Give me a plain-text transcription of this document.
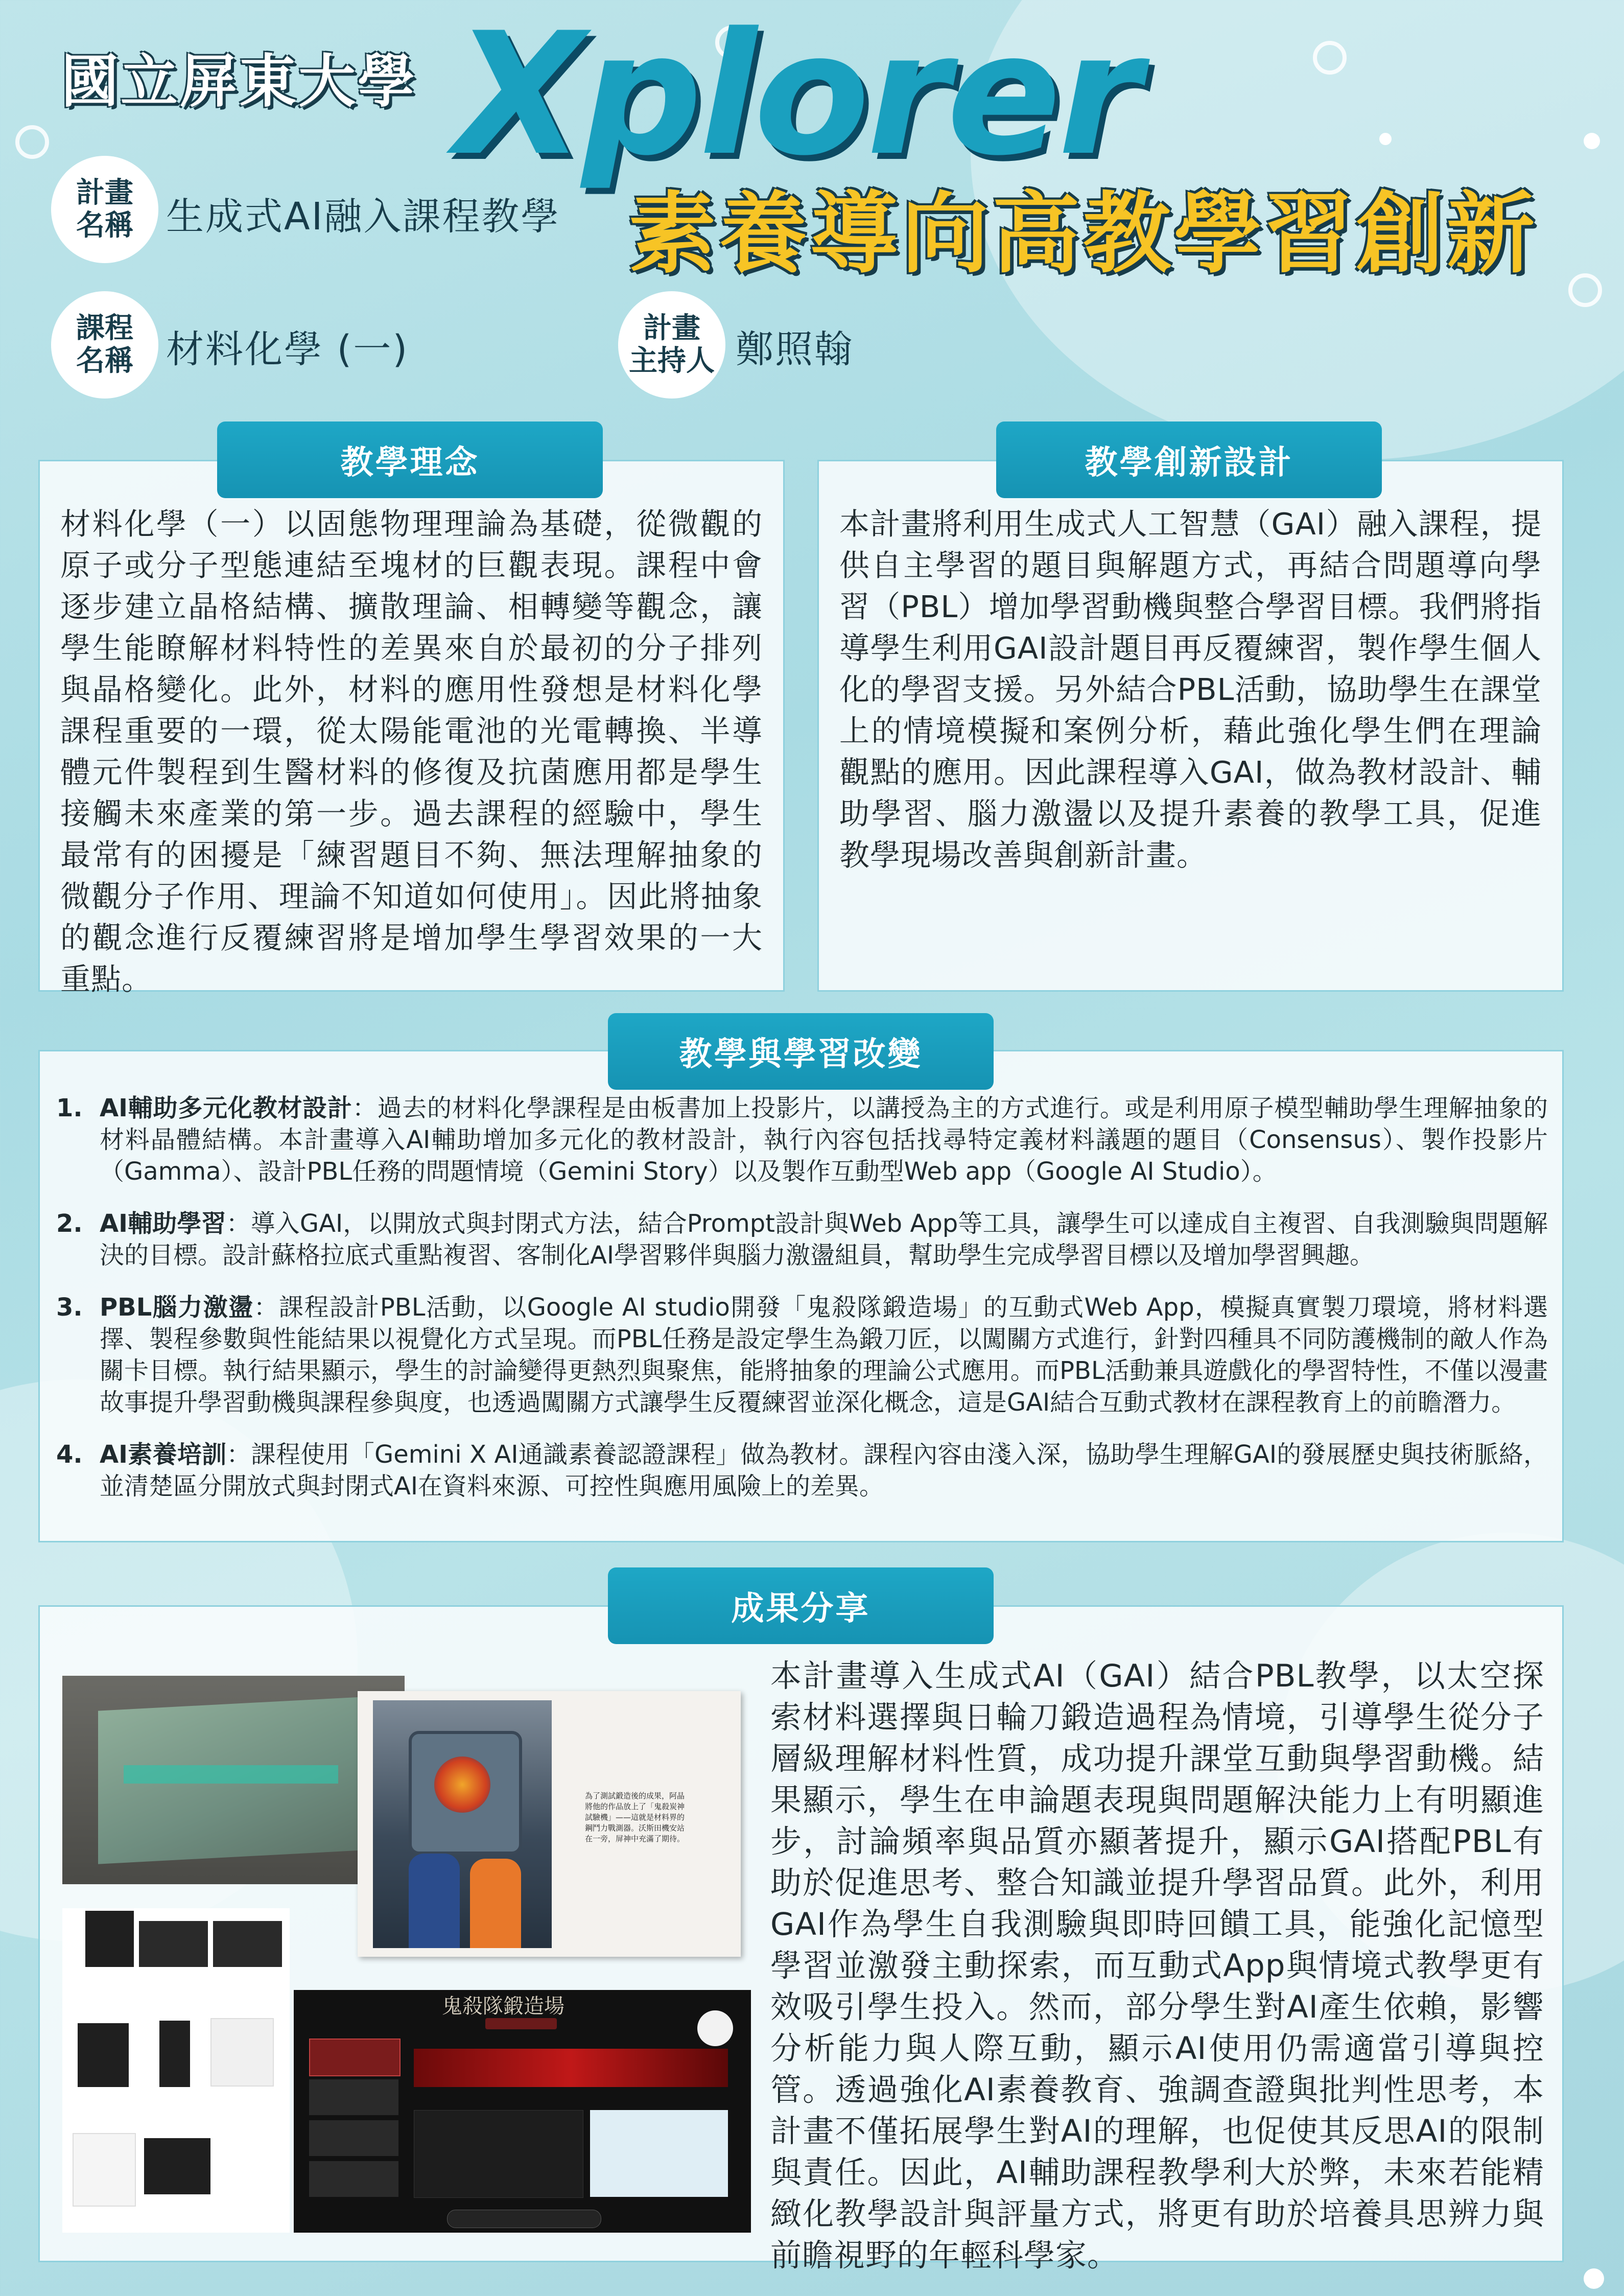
國立屏東大學 Xplorer
素養導向高教學習創新
計畫
名稱 生成式AI融入課程教學
課程
名稱 材料化學 (一)	計畫
主持人 鄭照翰
教學理念
材料化學（一）以固態物理理論為基礎，從微觀的原子或分子型態連結至塊材的巨觀表現。課程中會逐步建立晶格結構、擴散理論、相轉變等觀念，讓學生能瞭解材料特性的差異來自於最初的分子排列與晶格變化。此外，材料的應用性發想是材料化學課程重要的一環，從太陽能電池的光電轉換、半導體元件製程到生醫材料的修復及抗菌應用都是學生接觸未來產業的第一步。過去課程的經驗中，學生最常有的困擾是「練習題目不夠、無法理解抽象的微觀分子作用、理論不知道如何使用」。因此將抽象的觀念進行反覆練習將是增加學生學習效果的一大重點。
教學創新設計
本計畫將利用生成式人工智慧（GAI）融入課程，提供自主學習的題目與解題方式，再結合問題導向學習（PBL）增加學習動機與整合學習目標。我們將指導學生利用GAI設計題目再反覆練習，製作學生個人化的學習支援。另外結合PBL活動，協助學生在課堂上的情境模擬和案例分析，藉此強化學生們在理論觀點的應用。因此課程導入GAI，做為教材設計、輔助學習、腦力激盪以及提升素養的教學工具，促進教學現場改善與創新計畫。
教學與學習改變
1. AI輔助多元化教材設計：過去的材料化學課程是由板書加上投影片，以講授為主的方式進行。或是利用原子模型輔助學生理解抽象的材料晶體結構。本計畫導入AI輔助增加多元化的教材設計，執行內容包括找尋特定義材料議題的題目（Consensus）、製作投影片（Gamma）、設計PBL任務的問題情境（Gemini Story）以及製作互動型Web app（Google AI Studio）。
2. AI輔助學習：導入GAI，以開放式與封閉式方法，結合Prompt設計與Web App等工具，讓學生可以達成自主複習、自我測驗與問題解決的目標。設計蘇格拉底式重點複習、客制化AI學習夥伴與腦力激盪組員，幫助學生完成學習目標以及增加學習興趣。
3. PBL腦力激盪：課程設計PBL活動，以Google AI studio開發「鬼殺隊鍛造場」的互動式Web App，模擬真實製刀環境，將材料選擇、製程參數與性能結果以視覺化方式呈現。而PBL任務是設定學生為鍛刀匠，以闖關方式進行，針對四種具不同防護機制的敵人作為關卡目標。執行結果顯示，學生的討論變得更熱烈與聚焦，能將抽象的理論公式應用。而PBL活動兼具遊戲化的學習特性，不僅以漫畫故事提升學習動機與課程參與度，也透過闖關方式讓學生反覆練習並深化概念，這是GAI結合互動式教材在課程教育上的前瞻潛力。
4. AI素養培訓：課程使用「Gemini X AI通識素養認證課程」做為教材。課程內容由淺入深，協助學生理解GAI的發展歷史與技術脈絡，並清楚區分開放式與封閉式AI在資料來源、可控性與應用風險上的差異。
成果分享
本計畫導入生成式AI（GAI）結合PBL教學，以太空探索材料選擇與日輪刀鍛造過程為情境，引導學生從分子層級理解材料性質，成功提升課堂互動與學習動機。結果顯示，學生在申論題表現與問題解決能力上有明顯進步，討論頻率與品質亦顯著提升，顯示GAI搭配PBL有助於促進思考、整合知識並提升學習品質。此外，利用GAI作為學生自我測驗與即時回饋工具，能強化記憶型學習並激發主動探索，而互動式App與情境式教學更有效吸引學生投入。然而，部分學生對AI產生依賴，影響分析能力與人際互動，顯示AI使用仍需適當引導與控管。透過強化AI素養教育、強調查證與批判性思考，本計畫不僅拓展學生對AI的理解，也促使其反思AI的限制與責任。因此，AI輔助課程教學利大於弊，未來若能精緻化教學設計與評量方式，將更有助於培養具思辨力與前瞻視野的年輕科學家。
為了測試鍛造後的成果，阿晶將他的作品放上了「鬼殺炭神試驗機」——這就是材料界的鋼鬥力戰測器。沃斯田機安站在一旁，屏神中充滿了期待。
鬼殺隊鍛造場
